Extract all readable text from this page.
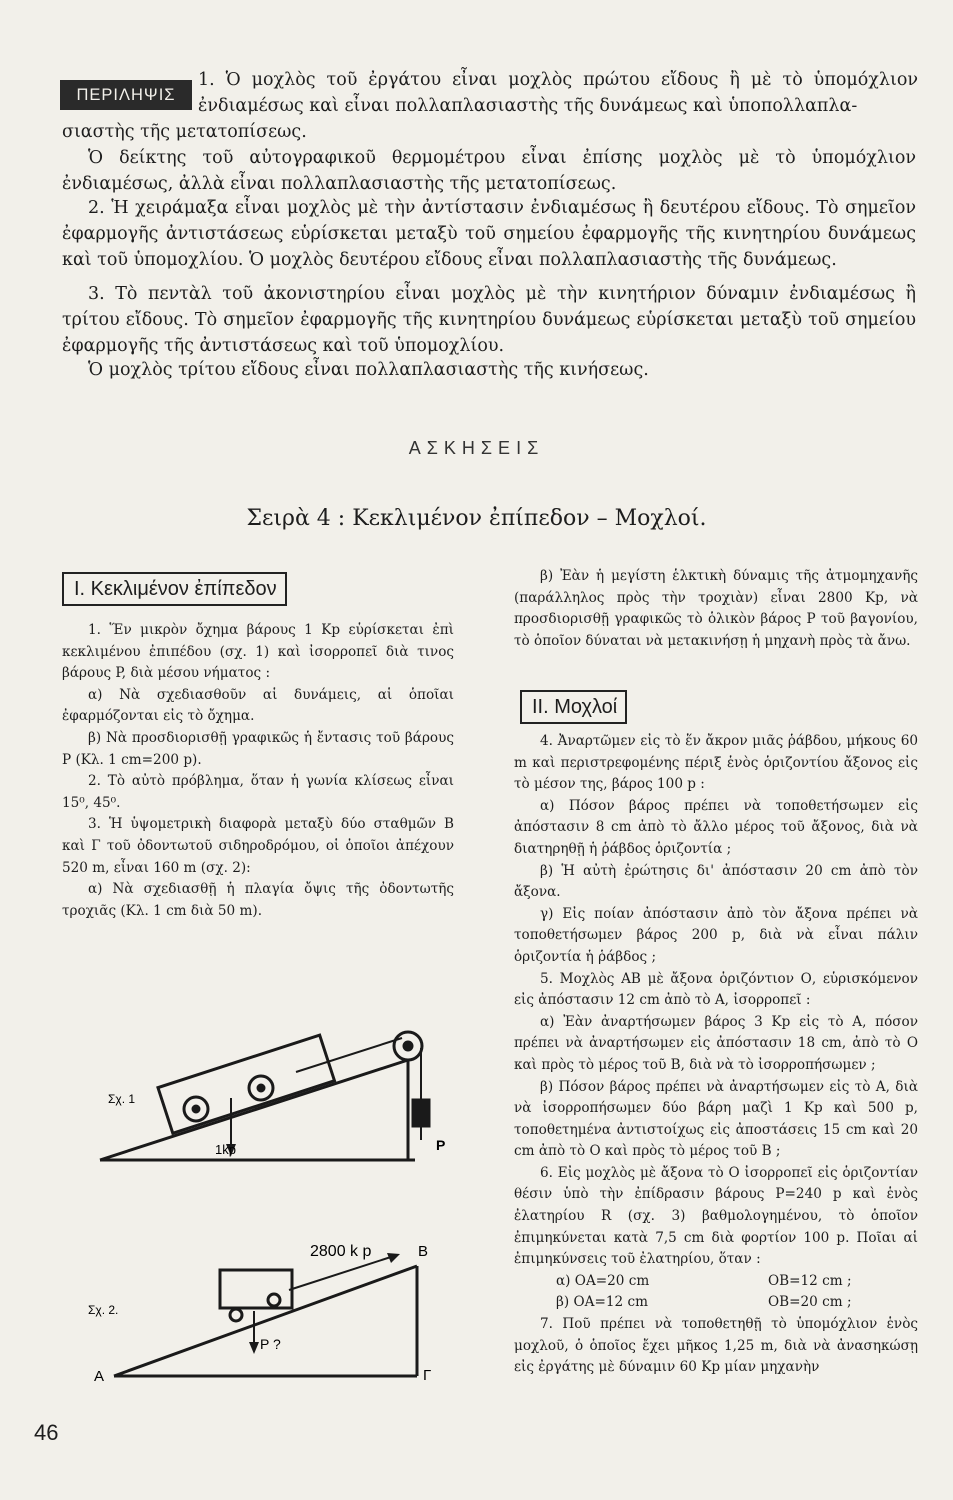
ΠΕΡΙΛΗΨΙΣ

1. Ὁ μοχλὸς τοῦ ἐργάτου εἶναι μοχλὸς πρώτου εἴδους ἢ μὲ τὸ ὑπομόχλιον ἐνδιαμέσως καὶ εἶναι πολλαπλασιαστὴς τῆς δυνάμεως καὶ ὑποπολλαπλα-

σιαστὴς τῆς μετατοπίσεως.

Ὁ δείκτης τοῦ αὐτογραφικοῦ θερμομέτρου εἶναι ἐπίσης μοχλὸς μὲ τὸ ὑπομόχλιον ἐνδιαμέσως, ἀλλὰ εἶναι πολλαπλασιαστὴς τῆς μετατοπίσεως.

2. Ἡ χειράμαξα εἶναι μοχλὸς μὲ τὴν ἀντίστασιν ἐνδιαμέσως ἢ δευτέρου εἴδους. Τὸ σημεῖον ἐφαρμογῆς ἀντιστάσεως εὑρίσκεται μεταξὺ τοῦ σημείου ἐφαρμογῆς τῆς κινητηρίου δυνάμεως καὶ τοῦ ὑπομοχλίου. Ὁ μοχλὸς δευτέρου εἴδους εἶναι πολλαπλασιαστὴς τῆς δυνάμεως.

3. Τὸ πεντὰλ τοῦ ἀκονιστηρίου εἶναι μοχλὸς μὲ τὴν κινητήριον δύναμιν ἐνδιαμέσως ἢ τρίτου εἴδους. Τὸ σημεῖον ἐφαρμογῆς τῆς κινητηρίου δυνάμεως εὑρίσκεται μεταξὺ τοῦ σημείου ἐφαρμογῆς τῆς ἀντιστάσεως καὶ τοῦ ὑπομοχλίου.

Ὁ μοχλὸς τρίτου εἴδους εἶναι πολλαπλασιαστὴς τῆς κινήσεως.

ΑΣΚΗΣΕΙΣ
Σειρὰ 4 : Κεκλιμένον ἐπίπεδον – Μοχλοί.
Ι. Κεκλιμένον ἐπίπεδον

1. Ἕν μικρὸν ὄχημα βάρους 1 Kp εὑρίσκεται ἐπὶ κεκλιμένου ἐπιπέδου (σχ. 1) καὶ ἰσορροπεῖ διὰ τινος βάρους P, διὰ μέσου νήματος :

α) Νὰ σχεδιασθοῦν αἱ δυνάμεις, αἱ ὁποῖαι ἐφαρμόζονται εἰς τὸ ὄχημα.

β) Νὰ προσδιορισθῇ γραφικῶς ἡ ἔντασις τοῦ βάρους P (Κλ. 1 cm=200 p).

2. Τὸ αὐτὸ πρόβλημα, ὅταν ἡ γωνία κλίσεως εἶναι 15⁰, 45⁰.

3. Ἡ ὑψομετρικὴ διαφορὰ μεταξὺ δύο σταθμῶν Β καὶ Γ τοῦ ὀδοντωτοῦ σιδηροδρόμου, οἱ ὁποῖοι ἀπέχουν 520 m, εἶναι 160 m (σχ. 2):

α) Νὰ σχεδιασθῇ ἡ πλαγία ὄψις τῆς ὀδοντωτῆς τροχιᾶς (Κλ. 1 cm διὰ 50 m).

Σχ. 1
1kp	P
Σχ. 2.
2800 k p	B
A	Γ
P ?

β) Ἐὰν ἡ μεγίστη ἑλκτικὴ δύναμις τῆς ἀτμομηχανῆς (παράλληλος πρὸς τὴν τροχιὰν) εἶναι 2800 Kp, νὰ προσδιορισθῇ γραφικῶς τὸ ὁλικὸν βάρος P τοῦ βαγονίου, τὸ ὁποῖον δύναται νὰ μετακινήσῃ ἡ μηχανὴ πρὸς τὰ ἄνω.

ΙΙ. Μοχλοί

4. Ἀναρτῶμεν εἰς τὸ ἕν ἄκρον μιᾶς ῥάβδου, μήκους 60 m καὶ περιστρεφομένης πέριξ ἑνὸς ὁριζοντίου ἄξονος εἰς τὸ μέσον της, βάρος 100 p :

α) Πόσον βάρος πρέπει νὰ τοποθετήσωμεν εἰς ἀπόστασιν 8 cm ἀπὸ τὸ ἄλλο μέρος τοῦ ἄξονος, διὰ νὰ διατηρηθῇ ἡ ῥάβδος ὁριζοντία ;

β) Ἡ αὐτὴ ἐρώτησις δι' ἀπόστασιν 20 cm ἀπὸ τὸν ἄξονα.

γ) Εἰς ποίαν ἀπόστασιν ἀπὸ τὸν ἄξονα πρέπει νὰ τοποθετήσωμεν βάρος 200 p, διὰ νὰ εἶναι πάλιν ὁριζοντία ἡ ῥάβδος ;

5. Μοχλὸς ΑΒ μὲ ἄξονα ὁριζόντιον Ο, εὑρισκόμενον εἰς ἀπόστασιν 12 cm ἀπὸ τὸ Α, ἰσορροπεῖ :

α) Ἐὰν ἀναρτήσωμεν βάρος 3 Kp εἰς τὸ Α, πόσον πρέπει νὰ ἀναρτήσωμεν εἰς ἀπόστασιν 18 cm, ἀπὸ τὸ Ο καὶ πρὸς τὸ μέρος τοῦ Β, διὰ νὰ τὸ ἰσορροπήσωμεν ;

β) Πόσον βάρος πρέπει νὰ ἀναρτήσωμεν εἰς τὸ Α, διὰ νὰ ἰσορροπήσωμεν δύο βάρη μαζὶ 1 Kp καὶ 500 p, τοποθετημένα ἀντιστοίχως εἰς ἀποστάσεις 15 cm καὶ 20 cm ἀπὸ τὸ Ο καὶ πρὸς τὸ μέρος τοῦ Β ;

6. Εἰς μοχλὸς μὲ ἄξονα τὸ Ο ἰσορροπεῖ εἰς ὁριζοντίαν θέσιν ὑπὸ τὴν ἐπίδρασιν βάρους P=240 p καὶ ἑνὸς ἐλατηρίου R (σχ. 3) βαθμολογημένου, τὸ ὁποῖον ἐπιμηκύνεται κατὰ 7,5 cm διὰ φορτίον 100 p. Ποῖαι αἱ ἐπιμηκύνσεις τοῦ ἐλατηρίου, ὅταν :

α) ΟΑ=20 cm	ΟΒ=12 cm ;
β) ΟΑ=12 cm	ΟΒ=20 cm ;

7. Ποῦ πρέπει νὰ τοποθετηθῇ τὸ ὑπομόχλιον ἑνὸς μοχλοῦ, ὁ ὁποῖος ἔχει μῆκος 1,25 m, διὰ νὰ ἀνασηκώσῃ εἰς ἐργάτης μὲ δύναμιν 60 Kp μίαν μηχανὴν

46
